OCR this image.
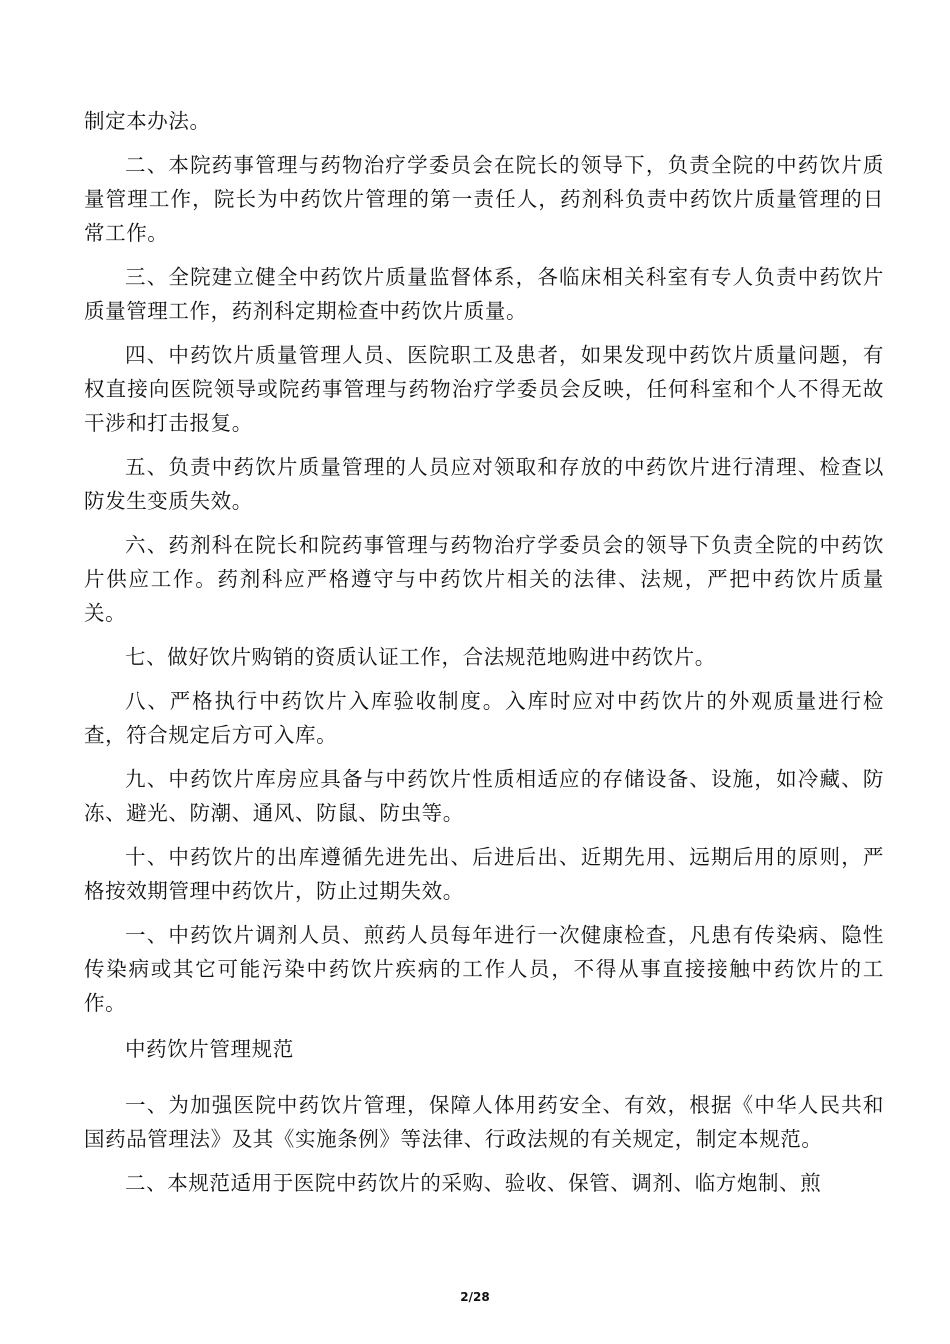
制定本办法。

二、本院药事管理与药物治疗学委员会在院长的领导下，负责全院的中药饮片质量管理工作，院长为中药饮片管理的第一责任人，药剂科负责中药饮片质量管理的日常工作。

三、全院建立健全中药饮片质量监督体系，各临床相关科室有专人负责中药饮片质量管理工作，药剂科定期检查中药饮片质量。

四、中药饮片质量管理人员、医院职工及患者，如果发现中药饮片质量问题，有权直接向医院领导或院药事管理与药物治疗学委员会反映，任何科室和个人不得无故干涉和打击报复。

五、负责中药饮片质量管理的人员应对领取和存放的中药饮片进行清理、检查以防发生变质失效。

六、药剂科在院长和院药事管理与药物治疗学委员会的领导下负责全院的中药饮片供应工作。药剂科应严格遵守与中药饮片相关的法律、法规，严把中药饮片质量关。

七、做好饮片购销的资质认证工作，合法规范地购进中药饮片。

八、严格执行中药饮片入库验收制度。入库时应对中药饮片的外观质量进行检查，符合规定后方可入库。

九、中药饮片库房应具备与中药饮片性质相适应的存储设备、设施，如冷藏、防冻、避光、防潮、通风、防鼠、防虫等。

十、中药饮片的出库遵循先进先出、后进后出、近期先用、远期后用的原则，严格按效期管理中药饮片，防止过期失效。

一、中药饮片调剂人员、煎药人员每年进行一次健康检查，凡患有传染病、隐性传染病或其它可能污染中药饮片疾病的工作人员，不得从事直接接触中药饮片的工作。

中药饮片管理规范

一、为加强医院中药饮片管理，保障人体用药安全、有效，根据《中华人民共和国药品管理法》及其《实施条例》等法律、行政法规的有关规定，制定本规范。

二、本规范适用于医院中药饮片的采购、验收、保管、调剂、临方炮制、煎

2/28
